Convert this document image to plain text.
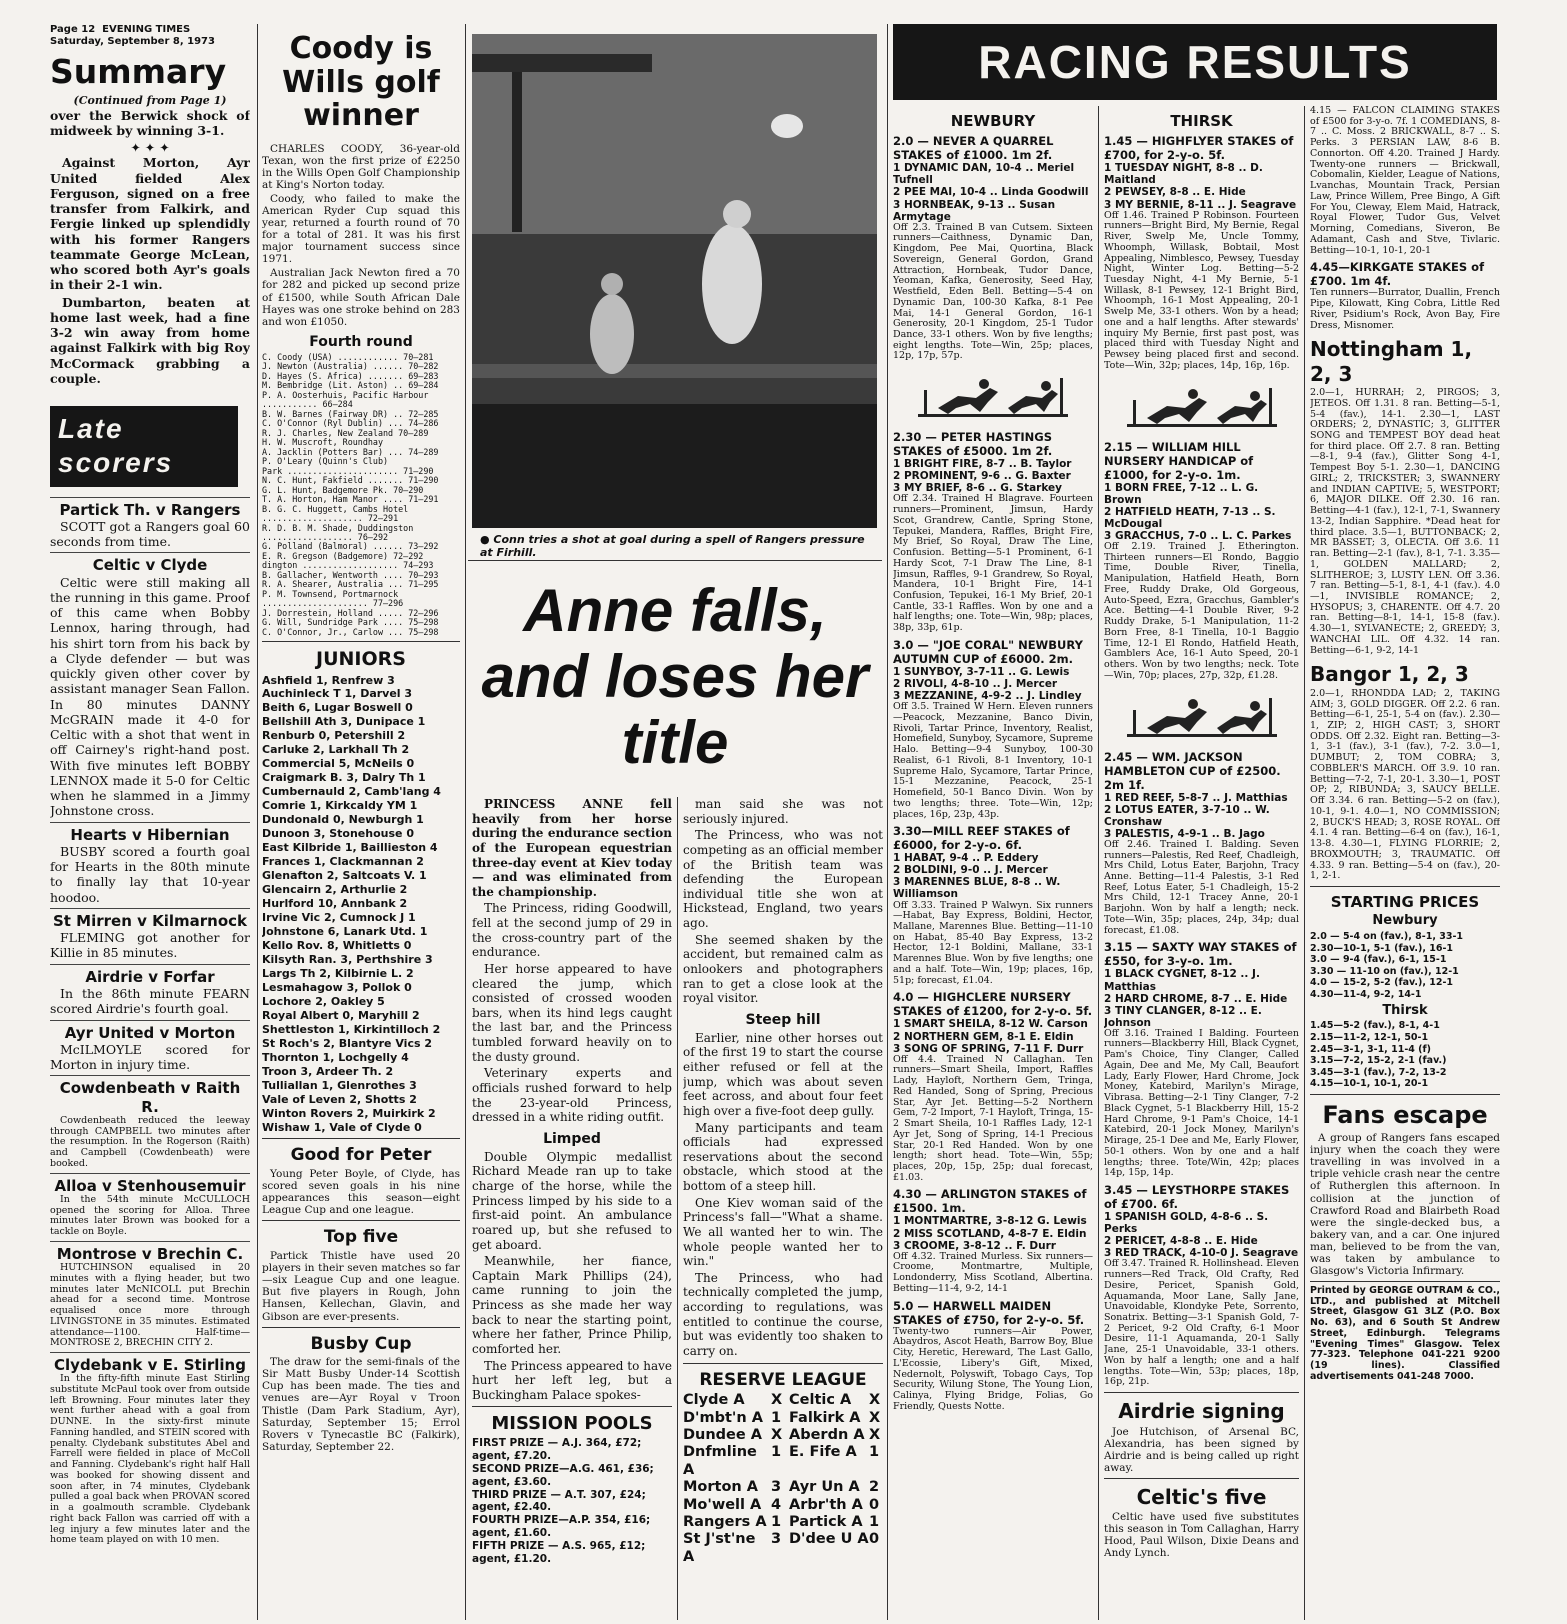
Page 12 EVENING TIMES
Saturday, September 8, 1973
Summary
(Continued from Page 1)

over the Berwick shock of midweek by winning 3-1.

✦ ✦ ✦

Against Morton, Ayr United fielded Alex Ferguson, signed on a free transfer from Falkirk, and Fergie linked up splendidly with his former Rangers teammate George McLean, who scored both Ayr's goals in their 2-1 win.

Dumbarton, beaten at home last week, had a fine 3-2 win away from home against Falkirk with big Roy McCormack grabbing a couple.

Late scorers
Partick Th. v Rangers

SCOTT got a Rangers goal 60 seconds from time.

Celtic v Clyde

Celtic were still making all the running in this game. Proof of this came when Bobby Lennox, haring through, had his shirt torn from his back by a Clyde defender — but was quickly given other cover by assistant manager Sean Fallon. In 80 minutes DANNY McGRAIN made it 4-0 for Celtic with a shot that went in off Cairney's right-hand post. With five minutes left BOBBY LENNOX made it 5-0 for Celtic when he slammed in a Jimmy Johnstone cross.

Hearts v Hibernian

BUSBY scored a fourth goal for Hearts in the 80th minute to finally lay that 10-year hoodoo.

St Mirren v Kilmarnock

FLEMING got another for Killie in 85 minutes.

Airdrie v Forfar

In the 86th minute FEARN scored Airdrie's fourth goal.

Ayr United v Morton

McILMOYLE scored for Morton in injury time.

Cowdenbeath v Raith R.

Cowdenbeath reduced the leeway through CAMPBELL two minutes after the resumption. In the Rogerson (Raith) and Campbell (Cowdenbeath) were booked.

Alloa v Stenhousemuir

In the 54th minute McCULLOCH opened the scoring for Alloa. Three minutes later Brown was booked for a tackle on Boyle.

Montrose v Brechin C.

HUTCHINSON equalised in 20 minutes with a flying header, but two minutes later McNICOLL put Brechin ahead for a second time. Montrose equalised once more through LIVINGSTONE in 35 minutes. Estimated attendance—1100. Half-time— MONTROSE 2, BRECHIN CITY 2.

Clydebank v E. Stirling

In the fifty-fifth minute East Stirling substitute McPaul took over from outside left Browning. Four minutes later they went further ahead with a goal from DUNNE. In the sixty-first minute Fanning handled, and STEIN scored with penalty. Clydebank substitutes Abel and Farrell were fielded in place of McColl and Fanning. Clydebank's right half Hall was booked for showing dissent and soon after, in 74 minutes, Clydebank pulled a goal back when PROVAN scored in a goalmouth scramble. Clydebank right back Fallon was carried off with a leg injury a few minutes later and the home team played on with 10 men.

Coody is Wills golf winner

CHARLES COODY, 36-year-old Texan, won the first prize of £2250 in the Wills Open Golf Championship at King's Norton today.

Coody, who failed to make the American Ryder Cup squad this year, returned a fourth round of 70 for a total of 281. It was his first major tournament success since 1971.

Australian Jack Newton fired a 70 for 282 and picked up second prize of £1500, while South African Dale Hayes was one stroke behind on 283 and won £1050.

Fourth round
C. Coody (USA) ............ 70—281
J. Newton (Australia) ...... 70—282
D. Hayes (S. Africa) ....... 69—283
M. Bembridge (Lit. Aston) .. 69—284
P. A. Oosterhuis, Pacific Harbour ........... 66—284
B. W. Barnes (Fairway DR) .. 72—285
C. O'Connor (Ryl Dublin) ... 74—286
R. J. Charles, New Zealand 70—289
H. W. Muscroft, Roundhay
A. Jacklin (Potters Bar) ... 74—289
P. O'Leary (Quinn's Club)
Park ...................... 71—290
N. C. Hunt, Fakfield ....... 71—290
G. L. Hunt, Badgemore Pk. 70—290
T. A. Horton, Ham Manor .... 71—291
B. G. C. Huggett, Cambs Hotel .................... 72—291
R. D. B. M. Shade, Duddingston .................. 76—292
G. Polland (Balmoral) ...... 73—292
E. R. Gregson (Badgemore) 72—292
dington ................... 74—293
B. Gallacher, Wentworth .... 70—293
R. A. Shearer, Australia ... 71—295
P. M. Townsend, Portmarnock ..................... 77—296
J. Dorrestein, Holland ..... 72—296
G. Will, Sundridge Park .... 75—298
C. O'Connor, Jr., Carlow ... 75—298
JUNIORS
Ashfield 1, Renfrew 3
Auchinleck T 1, Darvel 3
Beith 6, Lugar Boswell 0
Bellshill Ath 3, Dunipace 1
Renburb 0, Petershill 2
Carluke 2, Larkhall Th 2
Commercial 5, McNeils 0
Craigmark B. 3, Dalry Th 1
Cumbernauld 2, Camb'lang 4
Comrie 1, Kirkcaldy YM 1
Dundonald 0, Newburgh 1
Dunoon 3, Stonehouse 0
East Kilbride 1, Baillieston 4
Frances 1, Clackmannan 2
Glenafton 2, Saltcoats V. 1
Glencairn 2, Arthurlie 2
Hurlford 10, Annbank 2
Irvine Vic 2, Cumnock J 1
Johnstone 6, Lanark Utd. 1
Kello Rov. 8, Whitletts 0
Kilsyth Ran. 3, Perthshire 3
Largs Th 2, Kilbirnie L. 2
Lesmahagow 3, Pollok 0
Lochore 2, Oakley 5
Royal Albert 0, Maryhill 2
Shettleston 1, Kirkintilloch 2
St Roch's 2, Blantyre Vics 2
Thornton 1, Lochgelly 4
Troon 3, Ardeer Th. 2
Tulliallan 1, Glenrothes 3
Vale of Leven 2, Shotts 2
Winton Rovers 2, Muirkirk 2
Wishaw 1, Vale of Clyde 0
Good for Peter

Young Peter Boyle, of Clyde, has scored seven goals in his nine appearances this season—eight League Cup and one league.

Top five

Partick Thistle have used 20 players in their seven matches so far—six League Cup and one league. But five players in Rough, John Hansen, Kellechan, Glavin, and Gibson are ever-presents.

Busby Cup

The draw for the semi-finals of the Sir Matt Busby Under-14 Scottish Cup has been made. The ties and venues are—Ayr Royal v Troon Thistle (Dam Park Stadium, Ayr), Saturday, September 15; Errol Rovers v Tynecastle BC (Falkirk), Saturday, September 22.

● Conn tries a shot at goal during a spell of Rangers pressure at Firhill.
Anne falls, and loses her title

PRINCESS ANNE fell heavily from her horse during the endurance section of the European equestrian three-day event at Kiev today — and was eliminated from the championship.

The Princess, riding Goodwill, fell at the second jump of 29 in the cross-country part of the endurance.

Her horse appeared to have cleared the jump, which consisted of crossed wooden bars, when its hind legs caught the last bar, and the Princess tumbled forward heavily on to the dusty ground.

Veterinary experts and officials rushed forward to help the 23-year-old Princess, dressed in a white riding outfit.

Limped

Double Olympic medallist Richard Meade ran up to take charge of the horse, while the Princess limped by his side to a first-aid point. An ambulance roared up, but she refused to get aboard.

Meanwhile, her fiance, Captain Mark Phillips (24), came running to join the Princess as she made her way back to near the starting point, where her father, Prince Philip, comforted her.

The Princess appeared to have hurt her left leg, but a Buckingham Palace spokes-

MISSION POOLS
FIRST PRIZE — A.J. 364, £72; agent, £7.20.
SECOND PRIZE—A.G. 461, £36; agent, £3.60.
THIRD PRIZE — A.T. 307, £24; agent, £2.40.
FOURTH PRIZE—A.P. 354, £16; agent, £1.60.
FIFTH PRIZE — A.S. 965, £12; agent, £1.20.

man said she was not seriously injured.

The Princess, who was not competing as an official member of the British team was defending the European individual title she won at Hickstead, England, two years ago.

She seemed shaken by the accident, but remained calm as onlookers and photographers ran to get a close look at the royal visitor.

Steep hill

Earlier, nine other horses out of the first 19 to start the course either refused or fell at the jump, which was about seven feet across, and about four feet high over a five-foot deep gully.

Many participants and team officials had expressed reservations about the second obstacle, which stood at the bottom of a steep hill.

One Kiev woman said of the Princess's fall—"What a shame. We all wanted her to win. The whole people wanted her to win."

The Princess, who had technically completed the jump, according to regulations, was entitled to continue the course, but was evidently too shaken to carry on.

RESERVE LEAGUE
Clyde A	X Celtic A	X
D'mbt'n A 1 Falkirk A X
Dundee A X Aberdn A X
Dnfmline A
1 E. Fife A 1
Morton A 3 Ayr Un A 2
Mo'well A 4 Arbr'th A 0
Rangers A 1 Partick A 1
St J'st'ne A
3 D'dee U A 0
RACING RESULTS
NEWBURY
2.0 — NEVER A QUARREL STAKES of £1000. 1m 2f.
1 DYNAMIC DAN, 10-4 .. Meriel Tufnell
2 PEE MAI, 10-4 .. Linda Goodwill
3 HORNBEAK, 9-13 .. Susan Armytage

Off 2.3. Trained B van Cutsem. Sixteen runners—Caithness, Dynamic Dan, Kingdom, Pee Mai, Quortina, Black Sovereign, General Gordon, Grand Attraction, Hornbeak, Tudor Dance, Yeoman, Kafka, Generosity, Seed Hay, Westfield, Eden Bell. Betting—5-4 on Dynamic Dan, 100-30 Kafka, 8-1 Pee Mai, 14-1 General Gordon, 16-1 Generosity, 20-1 Kingdom, 25-1 Tudor Dance, 33-1 others. Won by five lengths; eight lengths. Tote—Win, 25p; places, 12p, 17p, 57p.

2.30 — PETER HASTINGS STAKES of £5000. 1m 2f.
1 BRIGHT FIRE, 8-7 .. B. Taylor
2 PROMINENT, 9-6 .. G. Baxter
3 MY BRIEF, 8-6 .. G. Starkey

Off 2.34. Trained H Blagrave. Fourteen runners—Prominent, Jimsun, Hardy Scot, Grandrew, Cantle, Spring Stone, Tepukei, Mandera, Raffles, Bright Fire, My Brief, So Royal, Draw The Line, Confusion. Betting—5-1 Prominent, 6-1 Hardy Scot, 7-1 Draw The Line, 8-1 Jimsun, Raffles, 9-1 Grandrew, So Royal, Mandera, 10-1 Bright Fire, 14-1 Confusion, Tepukei, 16-1 My Brief, 20-1 Cantle, 33-1 Raffles. Won by one and a half lengths; one. Tote—Win, 98p; places, 38p, 33p, 61p.

3.0 — "JOE CORAL" NEWBURY AUTUMN CUP of £6000. 2m.
1 SUNYBOY, 3-7-11 .. G. Lewis
2 RIVOLI, 4-8-10 .. J. Mercer
3 MEZZANINE, 4-9-2 .. J. Lindley

Off 3.5. Trained W Hern. Eleven runners—Peacock, Mezzanine, Banco Divin, Rivoli, Tartar Prince, Inventory, Realist, Homefield, Sunyboy, Sycamore, Supreme Halo. Betting—9-4 Sunyboy, 100-30 Realist, 6-1 Rivoli, 8-1 Inventory, 10-1 Supreme Halo, Sycamore, Tartar Prince, 15-1 Mezzanine, Peacock, 25-1 Homefield, 50-1 Banco Divin. Won by two lengths; three. Tote—Win, 12p; places, 16p, 23p, 43p.

3.30—MILL REEF STAKES of £6000, for 2-y-o. 6f.
1 HABAT, 9-4 .. P. Eddery
2 BOLDINI, 9-0 .. J. Mercer
3 MARENNES BLUE, 8-8 .. W. Williamson

Off 3.33. Trained P Walwyn. Six runners—Habat, Bay Express, Boldini, Hector, Mallane, Marennes Blue. Betting—11-10 on Habat, 85-40 Bay Express, 13-2 Hector, 12-1 Boldini, Mallane, 33-1 Marennes Blue. Won by five lengths; one and a half. Tote—Win, 19p; places, 16p, 51p; forecast, £1.04.

4.0 — HIGHCLERE NURSERY STAKES of £1200, for 2-y-o. 5f.
1 SMART SHEILA, 8-12 W. Carson
2 NORTHERN GEM, 8-1 E. Eldin
3 SONG OF SPRING, 7-11 F. Durr

Off 4.4. Trained N Callaghan. Ten runners—Smart Sheila, Import, Raffles Lady, Hayloft, Northern Gem, Tringa, Red Handed, Song of Spring, Precious Star, Ayr Jet. Betting—5-2 Northern Gem, 7-2 Import, 7-1 Hayloft, Tringa, 15-2 Smart Sheila, 10-1 Raffles Lady, 12-1 Ayr Jet, Song of Spring, 14-1 Precious Star, 20-1 Red Handed. Won by one length; short head. Tote—Win, 55p; places, 20p, 15p, 25p; dual forecast, £1.03.

4.30 — ARLINGTON STAKES of £1500. 1m.
1 MONTMARTRE, 3-8-12 G. Lewis
2 MISS SCOTLAND, 4-8-7 E. Eldin
3 CROOME, 3-8-12 .. F. Durr

Off 4.32. Trained Murless. Six runners—Croome, Montmartre, Multiple, Londonderry, Miss Scotland, Albertina. Betting—11-4, 9-2, 14-1

5.0 — HARWELL MAIDEN STAKES of £750, for 2-y-o. 5f.

Twenty-two runners—Air Power, Abaydros, Ascot Heath, Barrow Boy, Blue City, Heretic, Hereward, The Last Gallo, L'Ecossie, Libery's Gift, Mixed, Nedernolt, Polyswift, Tobago Cays, Top Security, Wilung Stone, The Young Lion, Calinya, Flying Bridge, Folias, Go Friendly, Quests Notte.

THIRSK
1.45 — HIGHFLYER STAKES of £700, for 2-y-o. 5f.
1 TUESDAY NIGHT, 8-8 .. D. Maitland
2 PEWSEY, 8-8 .. E. Hide
3 MY BERNIE, 8-11 .. J. Seagrave

Off 1.46. Trained P Robinson. Fourteen runners—Bright Bird, My Bernie, Regal River, Swelp Me, Uncle Tommy, Whoomph, Willask, Bobtail, Most Appealing, Nimblesco, Pewsey, Tuesday Night, Winter Log. Betting—5-2 Tuesday Night, 4-1 My Bernie, 5-1 Willask, 8-1 Pewsey, 12-1 Bright Bird, Whoomph, 16-1 Most Appealing, 20-1 Swelp Me, 33-1 others. Won by a head; one and a half lengths. After stewards' inquiry My Bernie, first past post, was placed third with Tuesday Night and Pewsey being placed first and second. Tote—Win, 32p; places, 14p, 16p, 16p.

2.15 — WILLIAM HILL NURSERY HANDICAP of £1000, for 2-y-o. 1m.
1 BORN FREE, 7-12 .. L. G. Brown
2 HATFIELD HEATH, 7-13 .. S. McDougal
3 GRACCHUS, 7-0 .. L. C. Parkes

Off 2.19. Trained J. Etherington. Thirteen runners—El Rondo, Baggio Time, Double River, Tinella, Manipulation, Hatfield Heath, Born Free, Ruddy Drake, Old Gorgeous, Auto-Speed, Ezra, Gracchus, Gambler's Ace. Betting—4-1 Double River, 9-2 Ruddy Drake, 5-1 Manipulation, 11-2 Born Free, 8-1 Tinella, 10-1 Baggio Time, 12-1 El Rondo, Hatfield Heath, Gamblers Ace, 16-1 Auto Speed, 20-1 others. Won by two lengths; neck. Tote—Win, 70p; places, 27p, 32p, £1.28.

2.45 — WM. JACKSON HAMBLETON CUP of £2500. 2m 1f.
1 RED REEF, 5-8-7 .. J. Matthias
2 LOTUS EATER, 3-7-10 .. W. Cronshaw
3 PALESTIS, 4-9-1 .. B. Jago

Off 2.46. Trained I. Balding. Seven runners—Palestis, Red Reef, Chadleigh, Mrs Child, Lotus Eater, Barjohn, Tracy Anne. Betting—11-4 Palestis, 3-1 Red Reef, Lotus Eater, 5-1 Chadleigh, 15-2 Mrs Child, 12-1 Tracey Anne, 20-1 Barjohn. Won by half a length; neck. Tote—Win, 35p; places, 24p, 34p; dual forecast, £1.08.

3.15 — SAXTY WAY STAKES of £550, for 3-y-o. 1m.
1 BLACK CYGNET, 8-12 .. J. Matthias
2 HARD CHROME, 8-7 .. E. Hide
3 TINY CLANGER, 8-12 .. E. Johnson

Off 3.16. Trained I Balding. Fourteen runners—Blackberry Hill, Black Cygnet, Pam's Choice, Tiny Clanger, Called Again, Dee and Me, My Call, Beaufort Lady, Early Flower, Hard Chrome, Jock Money, Katebird, Marilyn's Mirage, Vibrasa. Betting—2-1 Tiny Clanger, 7-2 Black Cygnet, 5-1 Blackberry Hill, 15-2 Hard Chrome, 9-1 Pam's Choice, 14-1 Katebird, 20-1 Jock Money, Marilyn's Mirage, 25-1 Dee and Me, Early Flower, 50-1 others. Won by one and a half lengths; three. Tote/Win, 42p; places 14p, 15p, 14p.

3.45 — LEYSTHORPE STAKES of £700. 6f.
1 SPANISH GOLD, 4-8-6 .. S. Perks
2 PERICET, 4-8-8 .. E. Hide
3 RED TRACK, 4-10-0 J. Seagrave

Off 3.47. Trained R. Hollinshead. Eleven runners—Red Track, Old Crafty, Red Desire, Pericet, Spanish Gold, Aquamanda, Moor Lane, Sally Jane, Unavoidable, Klondyke Pete, Sorrento, Sonatrix. Betting—3-1 Spanish Gold, 7-2 Pericet, 9-2 Old Crafty, 6-1 Moor Desire, 11-1 Aquamanda, 20-1 Sally Jane, 25-1 Unavoidable, 33-1 others. Won by half a length; one and a half lengths. Tote—Win, 53p; places, 18p, 16p, 21p.

Airdrie signing

Joe Hutchison, of Arsenal BC, Alexandria, has been signed by Airdrie and is being called up right away.

Celtic's five

Celtic have used five substitutes this season in Tom Callaghan, Harry Hood, Paul Wilson, Dixie Deans and Andy Lynch.

4.15 — FALCON CLAIMING STAKES of £500 for 3-y-o. 7f. 1 COMEDIANS, 8-7 .. C. Moss. 2 BRICKWALL, 8-7 .. S. Perks. 3 PERSIAN LAW, 8-6 B. Connorton. Off 4.20. Trained J Hardy. Twenty-one runners — Brickwall, Cobomalin, Kielder, League of Nations, Lvanchas, Mountain Track, Persian Law, Prince Willem, Pree Bingo, A Gift For You, Cleway, Elem Maid, Hatrack, Royal Flower, Tudor Gus, Velvet Morning, Comedians, Siveron, Be Adamant, Cash and Stve, Tivlaric. Betting—10-1, 10-1, 20-1

4.45—KIRKGATE STAKES of £700. 1m 4f.

Ten runners—Burrator, Duallin, French Pipe, Kilowatt, King Cobra, Little Red River, Psidium's Rock, Avon Bay, Fire Dress, Misnomer.

Nottingham 1, 2, 3

2.0—1, HURRAH; 2, PIRGOS; 3, JETEOS. Off 1.31. 8 ran. Betting—5-1, 5-4 (fav.), 14-1. 2.30—1, LAST ORDERS; 2, DYNASTIC; 3, GLITTER SONG and TEMPEST BOY dead heat for third place. Off 2.7. 8 ran. Betting—8-1, 9-4 (fav.), Glitter Song 4-1, Tempest Boy 5-1. 2.30—1, DANCING GIRL; 2, TRICKSTER; 3, SWANNERY and INDIAN CAPTIVE; 5, WESTPORT; 6, MAJOR DILKE. Off 2.30. 16 ran. Betting—4-1 (fav.), 12-1, 7-1, Swannery 13-2, Indian Sapphire. *Dead heat for third place. 3.5—1, BUTTONBACK; 2, MR BASSET; 3, OLECTA. Off 3.6. 11 ran. Betting—2-1 (fav.), 8-1, 7-1. 3.35—1, GOLDEN MALLARD; 2, SLITHEROE; 3, LUSTY LEN. Off 3.36. 7 ran. Betting—5-1, 8-1, 4-1 (fav.). 4.0—1, INVISIBLE ROMANCE; 2, HYSOPUS; 3, CHARENTE. Off 4.7. 20 ran. Betting—8-1, 14-1, 15-8 (fav.). 4.30—1, SYLVANECTE; 2, GREEDY; 3, WANCHAI LIL. Off 4.32. 14 ran. Betting—6-1, 9-2, 14-1

Bangor 1, 2, 3

2.0—1, RHONDDA LAD; 2, TAKING AIM; 3, GOLD DIGGER. Off 2.2. 6 ran. Betting—6-1, 25-1, 5-4 on (fav.). 2.30—1, ZIP; 2, HIGH CAST; 3, SHORT ODDS. Off 2.32. Eight ran. Betting—3-1, 3-1 (fav.), 3-1 (fav.), 7-2. 3.0—1, DUMBUT; 2, TOM COBRA; 3, COBBLER'S MARCH. Off 3.9. 10 ran. Betting—7-2, 7-1, 20-1. 3.30—1, POST OP; 2, RIBUNDA; 3, SAUCY BELLE. Off 3.34. 6 ran. Betting—5-2 on (fav.), 10-1, 9-1. 4.0—1, NO COMMISSION; 2, BUCK'S HEAD; 3, ROSE ROYAL. Off 4.1. 4 ran. Betting—6-4 on (fav.), 16-1, 13-8. 4.30—1, FLYING FLORRIE; 2, BROXMOUTH; 3, TRAUMATIC. Off 4.33. 9 ran. Betting—5-4 on (fav.), 20-1, 2-1.

STARTING PRICES
Newbury
2.0 — 5-4 on (fav.), 8-1, 33-1
2.30—10-1, 5-1 (fav.), 16-1
3.0 — 9-4 (fav.), 6-1, 15-1
3.30 — 11-10 on (fav.), 12-1
4.0 — 15-2, 5-2 (fav.), 12-1
4.30—11-4, 9-2, 14-1
Thirsk
1.45—5-2 (fav.), 8-1, 4-1
2.15—11-2, 12-1, 50-1
2.45—3-1, 3-1, 11-4 (f)
3.15—7-2, 15-2, 2-1 (fav.)
3.45—3-1 (fav.), 7-2, 13-2
4.15—10-1, 10-1, 20-1
Fans escape

A group of Rangers fans escaped injury when the coach they were travelling in was involved in a triple vehicle crash near the centre of Rutherglen this afternoon. In collision at the junction of Crawford Road and Blairbeth Road were the single-decked bus, a bakery van, and a car. One injured man, believed to be from the van, was taken by ambulance to Glasgow's Victoria Infirmary.

Printed by GEORGE OUTRAM & CO., LTD., and published at Mitchell Street, Glasgow G1 3LZ (P.O. Box No. 63), and 6 South St Andrew Street, Edinburgh. Telegrams "Evening Times" Glasgow. Telex 77-323. Telephone 041-221 9200 (19 lines). Classified advertisements 041-248 7000.
